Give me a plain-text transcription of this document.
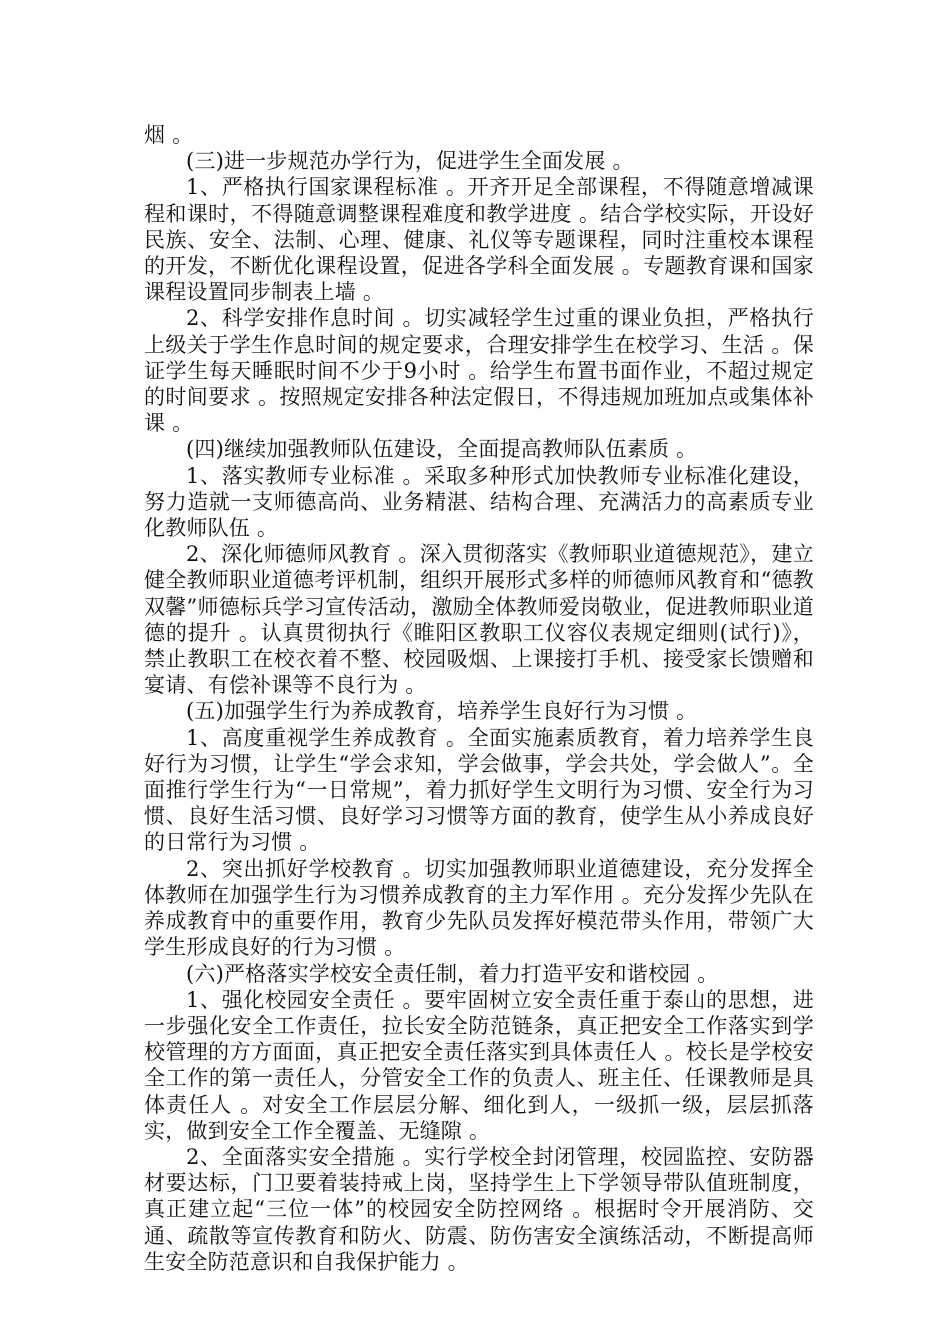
烟 。

(三)进一步规范办学行为，促进学生全面发展 。

1、严格执行国家课程标准 。开齐开足全部课程，不得随意增减课程和课时，不得随意调整课程难度和教学进度 。结合学校实际，开设好民族、安全、法制、心理、健康、礼仪等专题课程，同时注重校本课程的开发，不断优化课程设置，促进各学科全面发展 。专题教育课和国家课程设置同步制表上墙 。

2、科学安排作息时间 。切实减轻学生过重的课业负担，严格执行上级关于学生作息时间的规定要求，合理安排学生在校学习、生活 。保证学生每天睡眠时间不少于9小时 。给学生布置书面作业，不超过规定的时间要求 。按照规定安排各种法定假日，不得违规加班加点或集体补课 。

(四)继续加强教师队伍建设，全面提高教师队伍素质 。

1、落实教师专业标准 。采取多种形式加快教师专业标准化建设，努力造就一支师德高尚、业务精湛、结构合理、充满活力的高素质专业化教师队伍 。

2、深化师德师风教育 。深入贯彻落实《教师职业道德规范》，建立健全教师职业道德考评机制，组织开展形式多样的师德师风教育和“德教双馨”师德标兵学习宣传活动，激励全体教师爱岗敬业，促进教师职业道德的提升 。认真贯彻执行《睢阳区教职工仪容仪表规定细则(试行)》，禁止教职工在校衣着不整、校园吸烟、上课接打手机、接受家长馈赠和宴请、有偿补课等不良行为 。

(五)加强学生行为养成教育，培养学生良好行为习惯 。

1、高度重视学生养成教育 。全面实施素质教育，着力培养学生良好行为习惯，让学生“学会求知，学会做事，学会共处，学会做人”。全面推行学生行为“一日常规”，着力抓好学生文明行为习惯、安全行为习惯、良好生活习惯、良好学习习惯等方面的教育，使学生从小养成良好的日常行为习惯 。

2、突出抓好学校教育 。切实加强教师职业道德建设，充分发挥全体教师在加强学生行为习惯养成教育的主力军作用 。充分发挥少先队在养成教育中的重要作用，教育少先队员发挥好模范带头作用，带领广大学生形成良好的行为习惯 。

(六)严格落实学校安全责任制，着力打造平安和谐校园 。

1、强化校园安全责任 。要牢固树立安全责任重于泰山的思想，进一步强化安全工作责任，拉长安全防范链条，真正把安全工作落实到学校管理的方方面面，真正把安全责任落实到具体责任人 。校长是学校安全工作的第一责任人，分管安全工作的负责人、班主任、任课教师是具体责任人 。对安全工作层层分解、细化到人，一级抓一级，层层抓落实，做到安全工作全覆盖、无缝隙 。

2、全面落实安全措施 。实行学校全封闭管理，校园监控、安防器材要达标，门卫要着装持戒上岗，坚持学生上下学领导带队值班制度，真正建立起“三位一体”的校园安全防控网络 。根据时令开展消防、交通、疏散等宣传教育和防火、防震、防伤害安全演练活动，不断提高师生安全防范意识和自我保护能力 。
